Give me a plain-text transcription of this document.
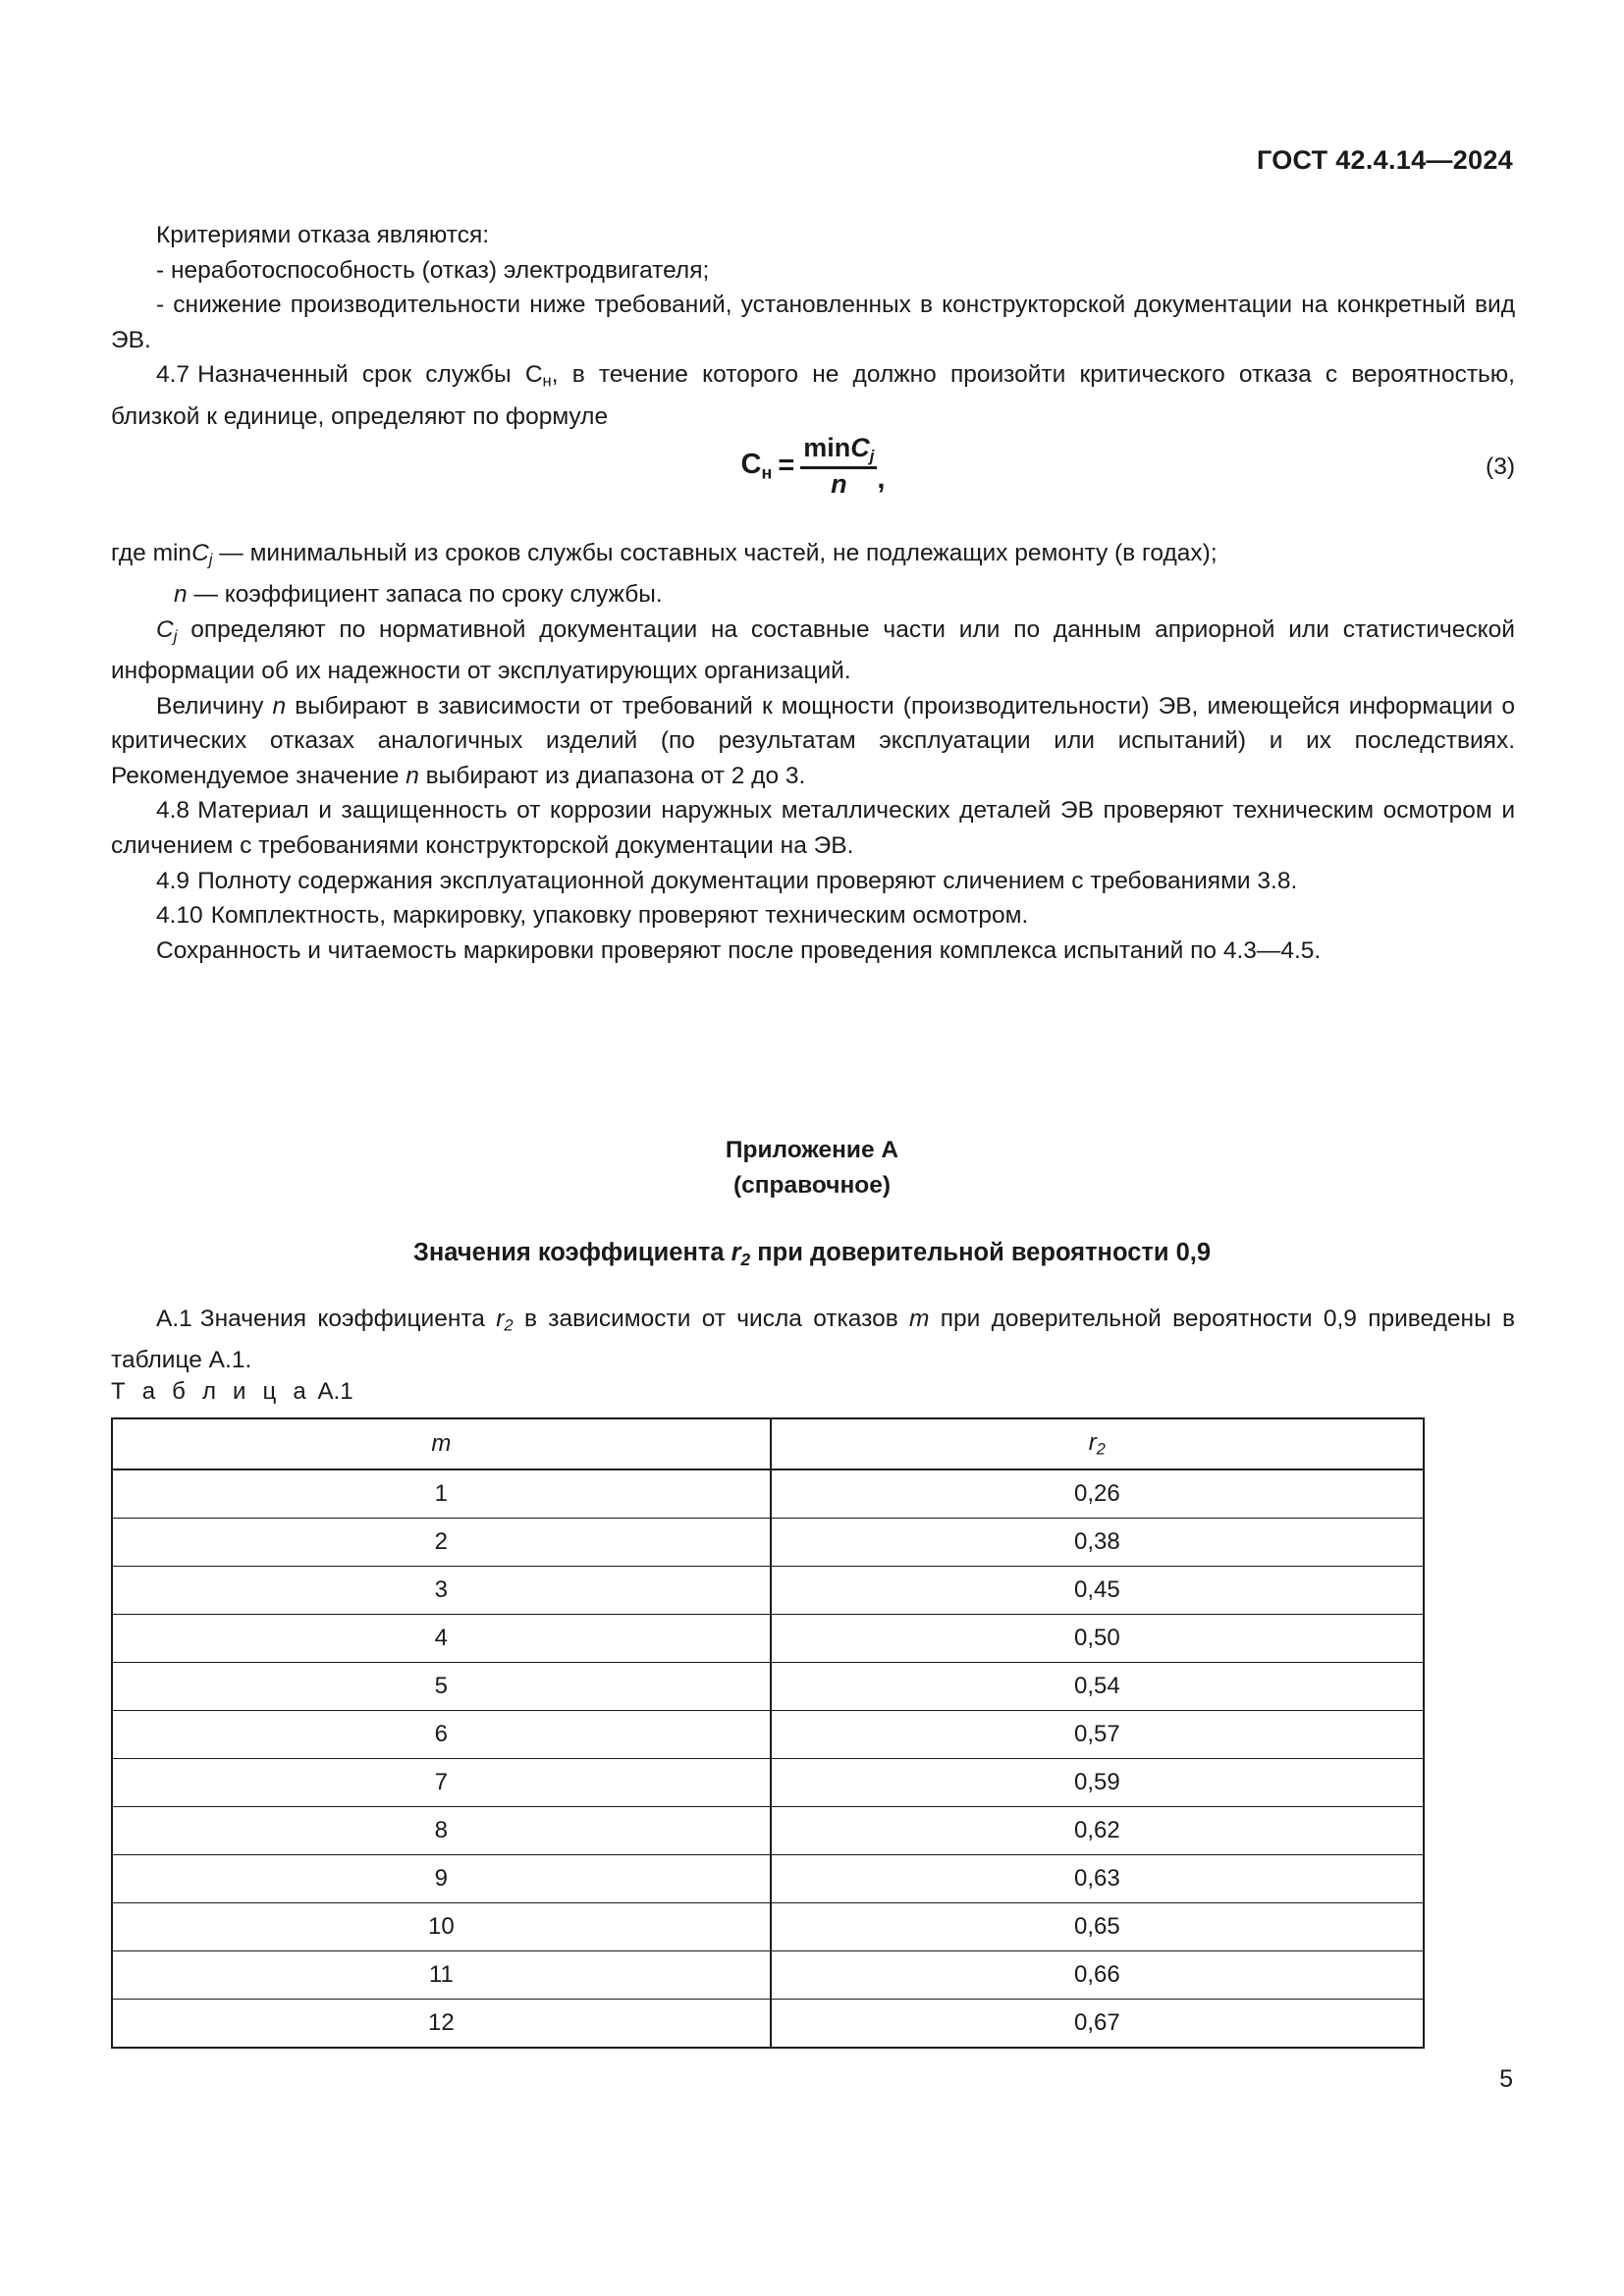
ГОСТ 42.4.14—2024

Критериями отказа являются:

- неработоспособность (отказ) электродвигателя;

- снижение производительности ниже требований, установленных в конструкторской документации на конкретный вид ЭВ.

4.7 Назначенный срок службы Сн, в течение которого не должно произойти критического отказа с вероятностью, близкой к единице, определяют по формуле

Сн = $\frac{\text{minCj}}{n}$ ,	(3)

где minC$_j$ — минимальный из сроков службы составных частей, не подлежащих ремонту (в годах);

n — коэффициент запаса по сроку службы.

$C_j$ определяют по нормативной документации на составные части или по данным априорной или статистической информации об их надежности от эксплуатирующих организаций.

Величину n выбирают в зависимости от требований к мощности (производительности) ЭВ, имеющейся информации о критических отказах аналогичных изделий (по результатам эксплуатации или испытаний) и их последствиях. Рекомендуемое значение n выбирают из диапазона от 2 до 3.

4.8 Материал и защищенность от коррозии наружных металлических деталей ЭВ проверяют техническим осмотром и сличением с требованиями конструкторской документации на ЭВ.

4.9 Полноту содержания эксплуатационной документации проверяют сличением с требованиями 3.8.

4.10 Комплектность, маркировку, упаковку проверяют техническим осмотром.

Сохранность и читаемость маркировки проверяют после проведения комплекса испытаний по 4.3—4.5.

Приложение А
(справочное)
Значения коэффициента $r_2$ при доверительной вероятности 0,9

А.1 Значения коэффициента $r_2$ в зависимости от числа отказов m при доверительной вероятности 0,9 приведены в таблице А.1.

Т а б л и ц а А.1
m	$r_2$
1	0,26
2	0,38
3	0,45
4	0,50
5	0,54
6	0,57
7	0,59
8	0,62
9	0,63
10	0,65
11	0,66
12	0,67
5
